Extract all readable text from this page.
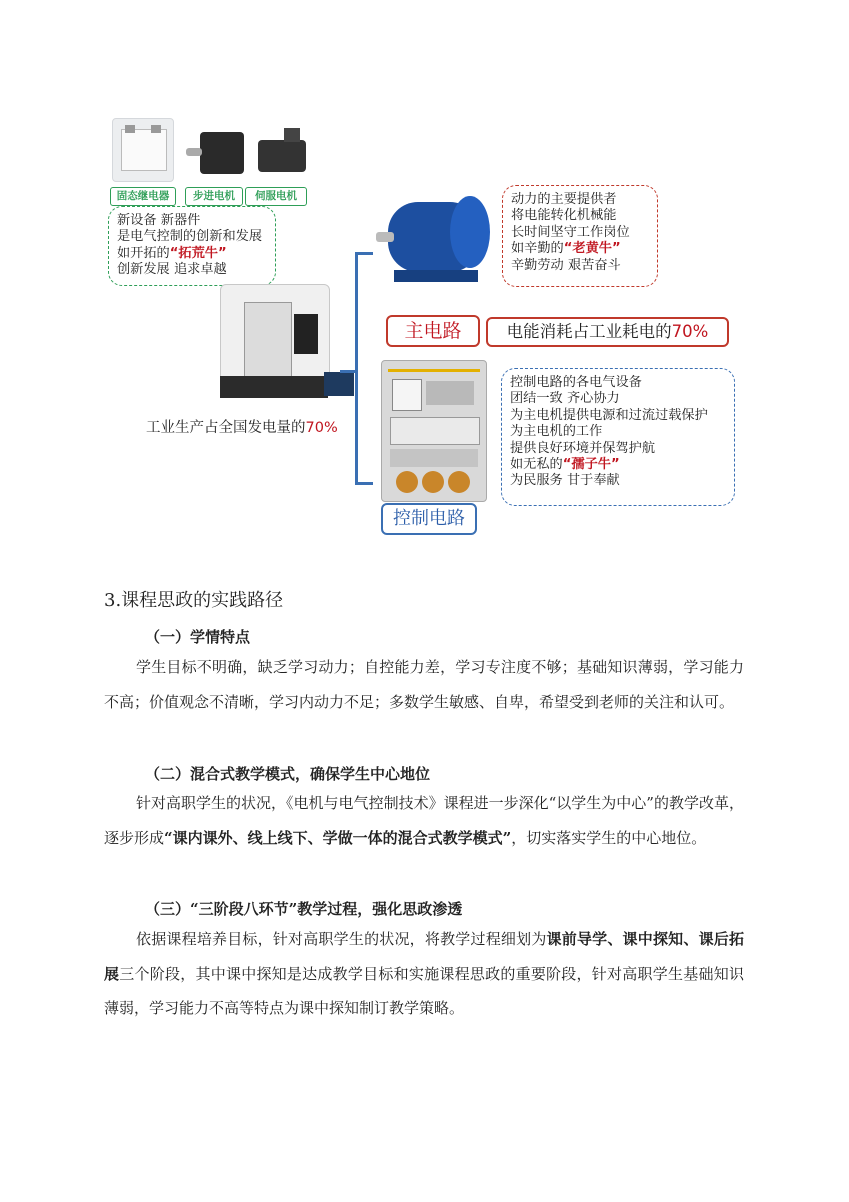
固态继电器	步进电机	伺服电机
新设备 新器件
是电气控制的创新和发展
如开拓的“拓荒牛”
创新发展 追求卓越
工业生产占全国发电量的70%
动力的主要提供者
将电能转化机械能
长时间坚守工作岗位
如辛勤的“老黄牛”
辛勤劳动 艰苦奋斗
主电路	电能消耗占工业耗电的70%
控制电路的各电气设备
团结一致 齐心协力
为主电机提供电源和过流过载保护
为主电机的工作
提供良好环境并保驾护航
如无私的“孺子牛”
为民服务 甘于奉献
控制电路
3.课程思政的实践路径
（一）学情特点
学生目标不明确，缺乏学习动力；自控能力差，学习专注度不够；基础知识薄弱，学习能力不高；价值观念不清晰，学习内动力不足；多数学生敏感、自卑，希望受到老师的关注和认可。
（二）混合式教学模式，确保学生中心地位
针对高职学生的状况，《电机与电气控制技术》课程进一步深化“以学生为中心”的教学改革，逐步形成“课内课外、线上线下、学做一体的混合式教学模式”，切实落实学生的中心地位。
（三）“三阶段八环节”教学过程，强化思政渗透
依据课程培养目标，针对高职学生的状况，将教学过程细划为课前导学、课中探知、课后拓展三个阶段，其中课中探知是达成教学目标和实施课程思政的重要阶段，针对高职学生基础知识薄弱，学习能力不高等特点为课中探知制订教学策略。
